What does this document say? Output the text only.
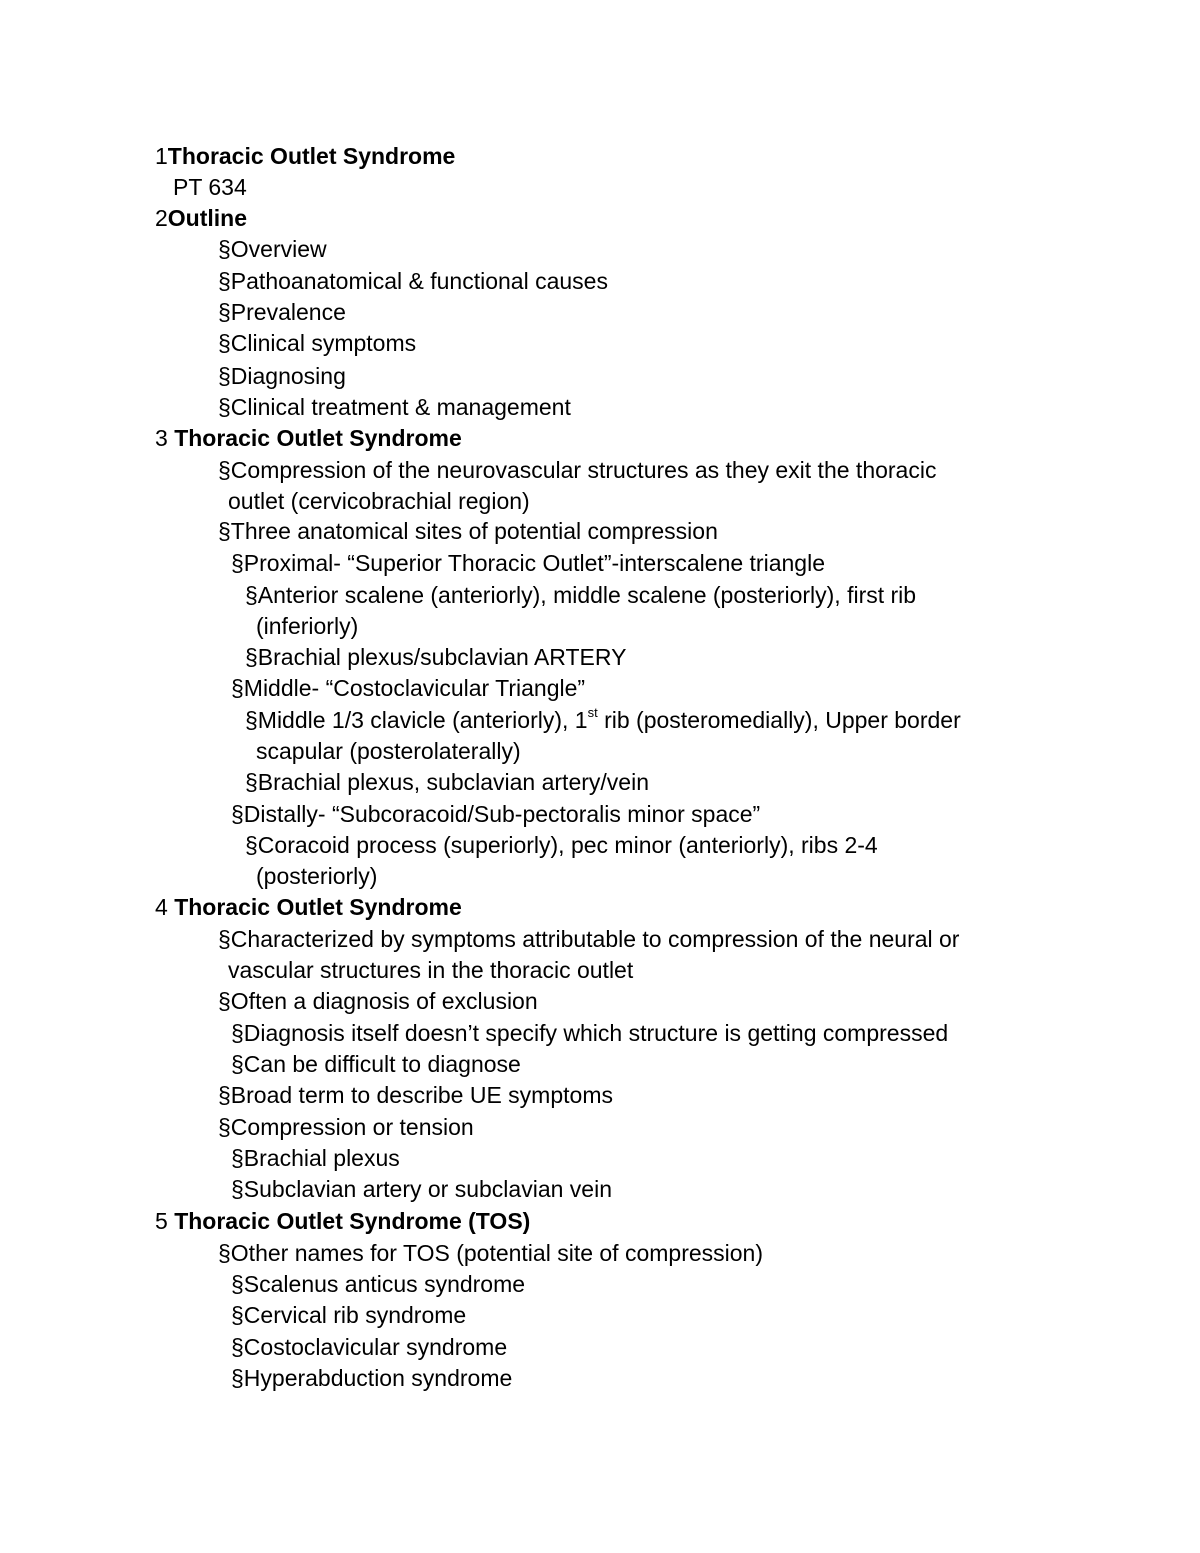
1Thoracic Outlet Syndrome
PT 634
2Outline
§Overview
§Pathoanatomical & functional causes
§Prevalence
§Clinical symptoms
§Diagnosing
§Clinical treatment & management
3 Thoracic Outlet Syndrome
§Compression of the neurovascular structures as they exit the thoracic
outlet (cervicobrachial region)
§Three anatomical sites of potential compression
§Proximal- “Superior Thoracic Outlet”-interscalene triangle
§Anterior scalene (anteriorly), middle scalene (posteriorly), first rib
(inferiorly)
§Brachial plexus/subclavian ARTERY
§Middle- “Costoclavicular Triangle”
§Middle 1/3 clavicle (anteriorly), 1st rib (posteromedially), Upper border
scapular (posterolaterally)
§Brachial plexus, subclavian artery/vein
§Distally- “Subcoracoid/Sub-pectoralis minor space”
§Coracoid process (superiorly), pec minor (anteriorly), ribs 2-4
(posteriorly)
4 Thoracic Outlet Syndrome
§Characterized by symptoms attributable to compression of the neural or
vascular structures in the thoracic outlet
§Often a diagnosis of exclusion
§Diagnosis itself doesn’t specify which structure is getting compressed
§Can be difficult to diagnose
§Broad term to describe UE symptoms
§Compression or tension
§Brachial plexus
§Subclavian artery or subclavian vein
5 Thoracic Outlet Syndrome (TOS)
§Other names for TOS (potential site of compression)
§Scalenus anticus syndrome
§Cervical rib syndrome
§Costoclavicular syndrome
§Hyperabduction syndrome
